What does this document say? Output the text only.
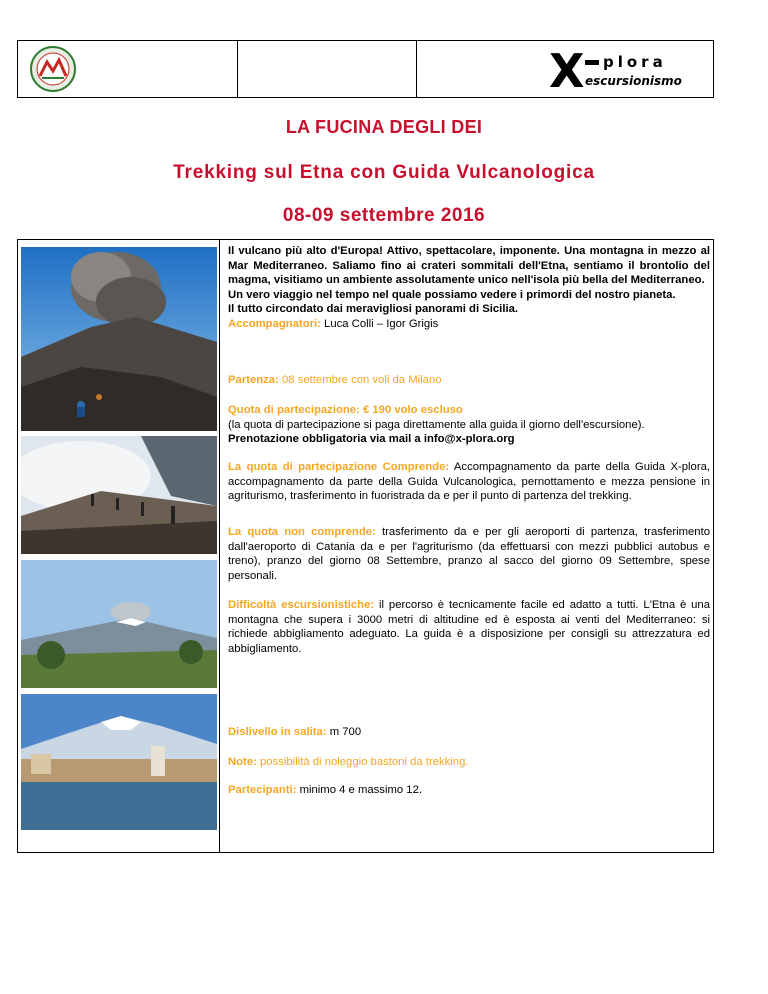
X plora
escursionismo
LA FUCINA DEGLI DEI
Trekking sul Etna con Guida Vulcanologica
08-09 settembre 2016

Il vulcano più alto d'Europa! Attivo, spettacolare, imponente. Una montagna in mezzo al Mar Mediterraneo. Saliamo fino ai crateri sommitali dell'Etna, sentiamo il brontolio del magma, visitiamo un ambiente assolutamente unico nell'isola più bella del Mediterraneo.

Un vero viaggio nel tempo nel quale possiamo vedere i primordi del nostro pianeta.

Il tutto circondato dai meravigliosi panorami di Sicilia.

Accompagnatori: Luca Colli – Igor Grigis
Partenza: 08 settembre con voli da Milano
Quota di partecipazione: € 190 volo escluso
(la quota di partecipazione si paga direttamente alla guida il giorno dell'escursione).
Prenotazione obbligatoria via mail a info@x-plora.org
La quota di partecipazione Comprende: Accompagnamento da parte della Guida X-plora, accompagnamento da parte della Guida Vulcanologica, pernottamento e mezza pensione in agriturismo, trasferimento in fuoristrada da e per il punto di partenza del trekking.
La quota non comprende: trasferimento da e per gli aeroporti di partenza, trasferimento dall'aeroporto di Catania da e per l'agriturismo (da effettuarsi con mezzi pubblici autobus e treno), pranzo del giorno 08 Settembre, pranzo al sacco del giorno 09 Settembre, spese personali.
Difficoltà escursionistiche: il percorso è tecnicamente facile ed adatto a tutti. L'Etna è una montagna che supera i 3000 metri di altitudine ed è esposta ai venti del Mediterraneo: si richiede abbigliamento adeguato. La guida è a disposizione per consigli su attrezzatura ed abbigliamento.
Dislivello in salita: m 700
Note: possibilità di noleggio bastoni da trekking.
Partecipanti: minimo 4 e massimo 12.
